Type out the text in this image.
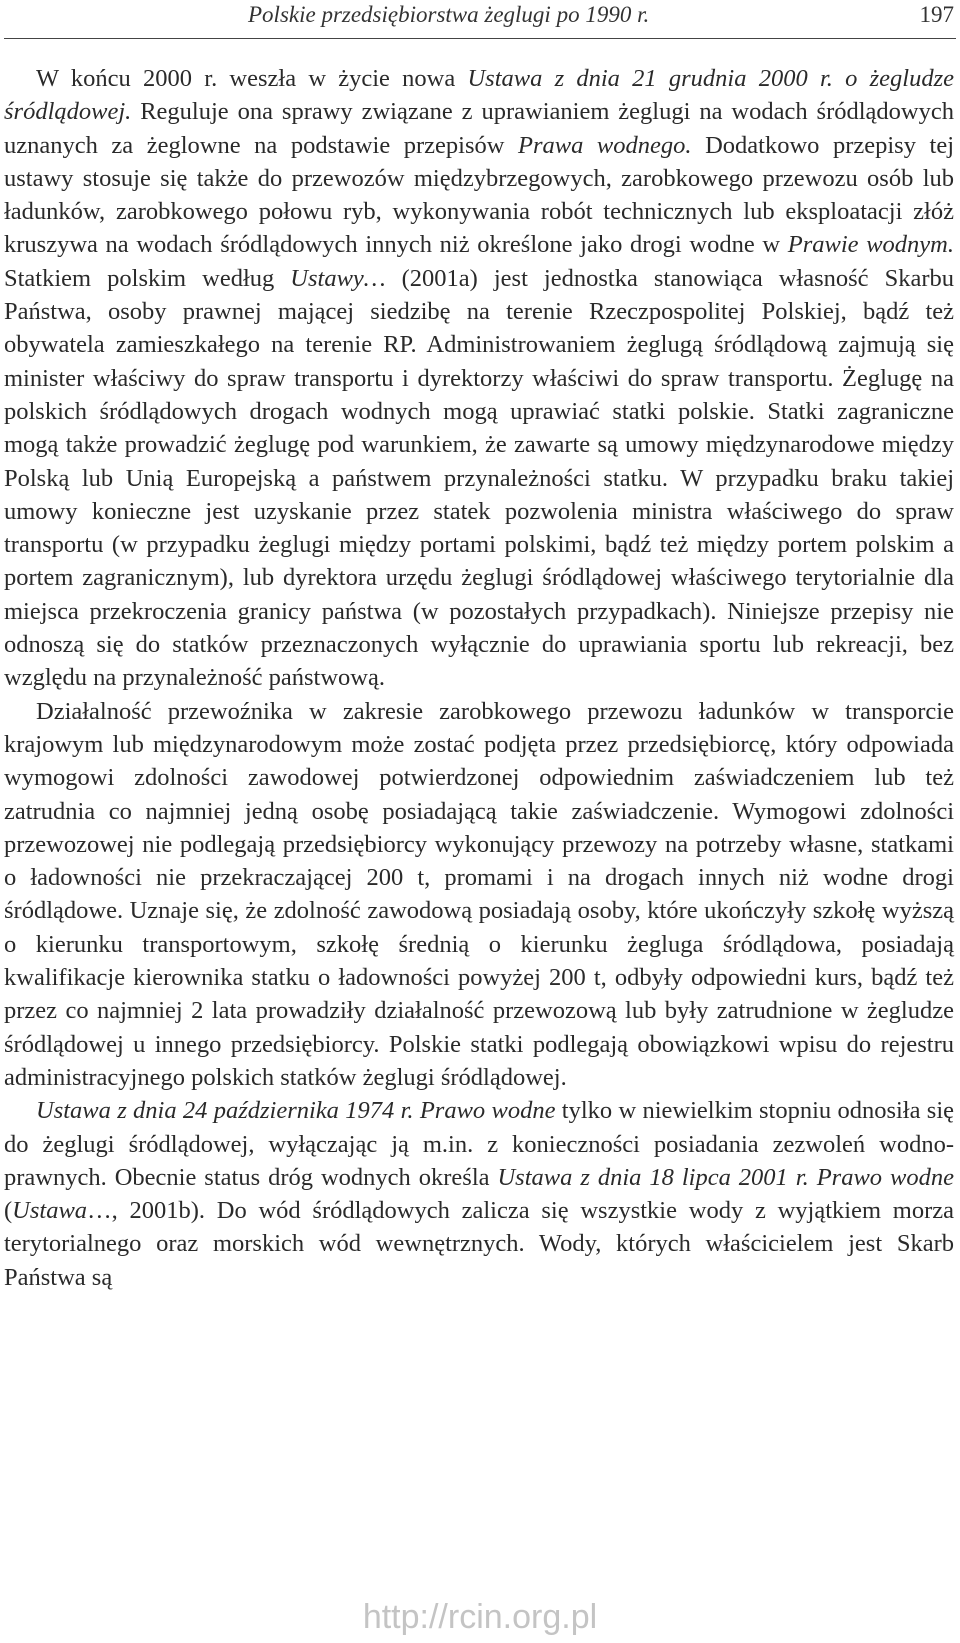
Polskie przedsiębiorstwa żeglugi po 1990 r.	197

W końcu 2000 r. weszła w życie nowa Ustawa z dnia 21 grudnia 2000 r. o żegludze śródlądowej. Reguluje ona sprawy związane z uprawianiem żeglugi na wodach śródlądowych uznanych za żeglowne na podstawie przepisów Prawa wodnego. Dodatkowo przepisy tej ustawy stosuje się także do przewozów międzybrzegowych, zarobkowego przewozu osób lub ładunków, zarobkowego połowu ryb, wykonywania robót technicznych lub eksploatacji złóż kruszywa na wodach śródlądowych innych niż określone jako drogi wodne w Prawie wodnym. Statkiem polskim według Ustawy… (2001a) jest jednostka stanowiąca własność Skarbu Państwa, osoby prawnej mającej siedzibę na terenie Rzeczpospolitej Polskiej, bądź też obywatela zamieszkałego na terenie RP. Administrowaniem żeglugą śródlądową zajmują się minister właściwy do spraw transportu i dyrektorzy właściwi do spraw transportu. Żeglugę na polskich śródlądowych drogach wodnych mogą uprawiać statki polskie. Statki zagraniczne mogą także prowadzić żeglugę pod warunkiem, że zawarte są umowy międzynarodowe między Polską lub Unią Europejską a państwem przynależności statku. W przypadku braku takiej umowy konieczne jest uzyskanie przez statek pozwolenia ministra właściwego do spraw transportu (w przypadku żeglugi między portami polskimi, bądź też między portem polskim a portem zagranicznym), lub dyrektora urzędu żeglugi śródlądowej właściwego terytorialnie dla miejsca przekroczenia granicy państwa (w pozostałych przypadkach). Niniejsze przepisy nie odnoszą się do statków przeznaczonych wyłącznie do uprawiania sportu lub rekreacji, bez względu na przynależność państwową.

Działalność przewoźnika w zakresie zarobkowego przewozu ładunków w transporcie krajowym lub międzynarodowym może zostać podjęta przez przedsiębiorcę, który odpowiada wymogowi zdolności zawodowej potwierdzonej odpowiednim zaświadczeniem lub też zatrudnia co najmniej jedną osobę posiadającą takie zaświadczenie. Wymogowi zdolności przewozowej nie podlegają przedsiębiorcy wykonujący przewozy na potrzeby własne, statkami o ładowności nie przekraczającej 200 t, promami i na drogach innych niż wodne drogi śródlądowe. Uznaje się, że zdolność zawodową posiadają osoby, które ukończyły szkołę wyższą o kierunku transportowym, szkołę średnią o kierunku żegluga śródlądowa, posiadają kwalifikacje kierownika statku o ładowności powyżej 200 t, odbyły odpowiedni kurs, bądź też przez co najmniej 2 lata prowadziły działalność przewozową lub były zatrudnione w żegludze śródlądowej u innego przedsiębiorcy. Polskie statki podlegają obowiązkowi wpisu do rejestru administracyjnego polskich statków żeglugi śródlądowej.

Ustawa z dnia 24 października 1974 r. Prawo wodne tylko w niewielkim stopniu odnosiła się do żeglugi śródlądowej, wyłączając ją m.in. z konieczności posiadania zezwoleń wodno-prawnych. Obecnie status dróg wodnych określa Ustawa z dnia 18 lipca 2001 r. Prawo wodne (Ustawa…, 2001b). Do wód śródlądowych zalicza się wszystkie wody z wyjątkiem morza terytorialnego oraz morskich wód wewnętrznych. Wody, których właścicielem jest Skarb Państwa są

http://rcin.org.pl
